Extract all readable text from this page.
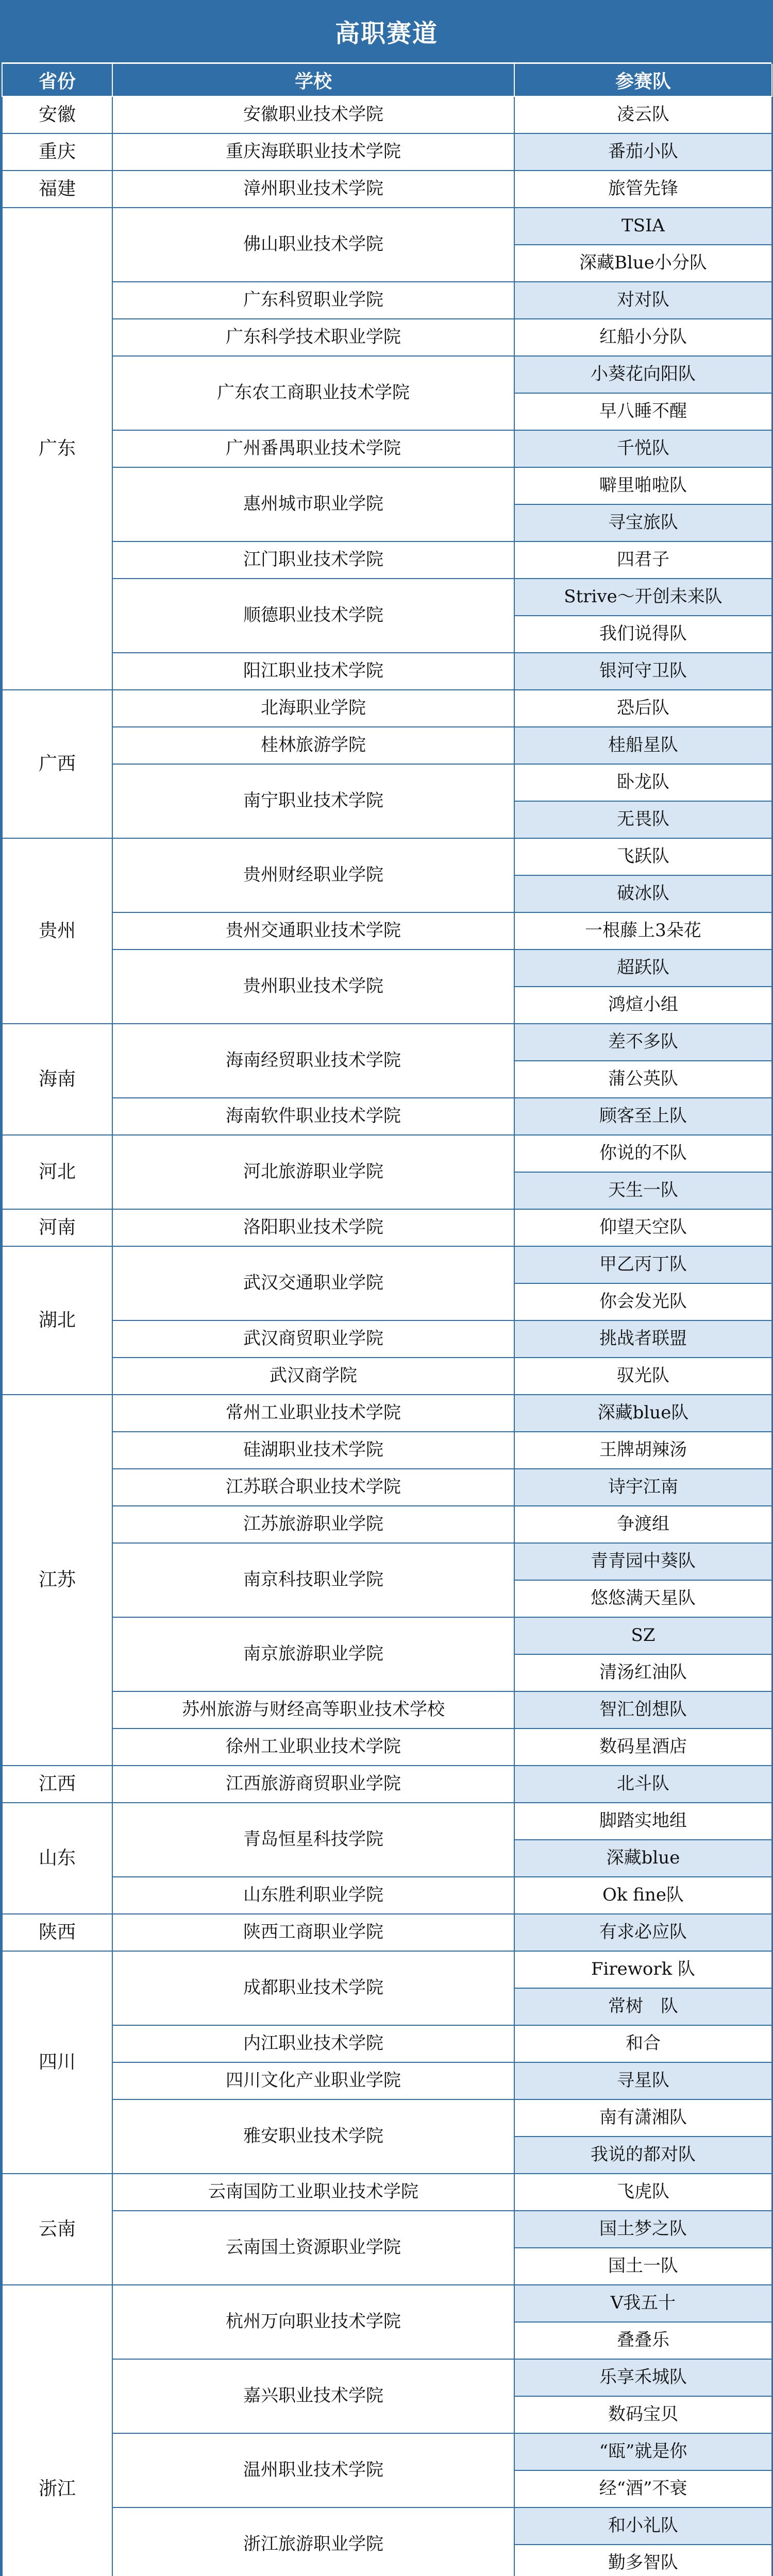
高职赛道
省份	学校	参赛队
安徽	安徽职业技术学院	凌云队
重庆	重庆海联职业技术学院	番茄小队
福建	漳州职业技术学院	旅管先锋
广东	佛山职业技术学院	TSIA
		深藏Blue小分队
	广东科贸职业学院	对对队
	广东科学技术职业学院	红船小分队
	广东农工商职业技术学院	小葵花向阳队
		早八睡不醒
	广州番禺职业技术学院	千悦队
	惠州城市职业学院	噼里啪啦队
		寻宝旅队
	江门职业技术学院	四君子
	顺德职业技术学院	Strive～开创未来队
		我们说得队
	阳江职业技术学院	银河守卫队
广西	北海职业学院	恐后队
	桂林旅游学院	桂船星队
	南宁职业技术学院	卧龙队
		无畏队
贵州	贵州财经职业学院	飞跃队
		破冰队
	贵州交通职业技术学院	一根藤上3朵花
	贵州职业技术学院	超跃队
		鸿煊小组
海南	海南经贸职业技术学院	差不多队
		蒲公英队
	海南软件职业技术学院	顾客至上队
河北	河北旅游职业学院	你说的不队
		天生一队
河南	洛阳职业技术学院	仰望天空队
湖北	武汉交通职业学院	甲乙丙丁队
		你会发光队
	武汉商贸职业学院	挑战者联盟
	武汉商学院	驭光队
江苏	常州工业职业技术学院	深藏blue队
	硅湖职业技术学院	王牌胡辣汤
	江苏联合职业技术学院	诗宇江南
	江苏旅游职业学院	争渡组
	南京科技职业学院	青青园中葵队
		悠悠满天星队
	南京旅游职业学院	SZ
		清汤红油队
	苏州旅游与财经高等职业技术学校	智汇创想队
	徐州工业职业技术学院	数码星酒店
江西	江西旅游商贸职业学院	北斗队
山东	青岛恒星科技学院	脚踏实地组
		深藏blue
	山东胜利职业学院	Ok fine队
陕西	陕西工商职业学院	有求必应队
四川	成都职业技术学院	Firework 队
		常树　队
	内江职业技术学院	和合
	四川文化产业职业学院	寻星队
	雅安职业技术学院	南有潇湘队
		我说的都对队
云南	云南国防工业职业技术学院	飞虎队
	云南国土资源职业学院	国土梦之队
		国土一队
浙江	杭州万向职业技术学院	V我五十
		叠叠乐
	嘉兴职业技术学院	乐享禾城队
		数码宝贝
	温州职业技术学院	“瓯”就是你
		经“酒”不衰
	浙江旅游职业学院	和小礼队
		勤多智队
